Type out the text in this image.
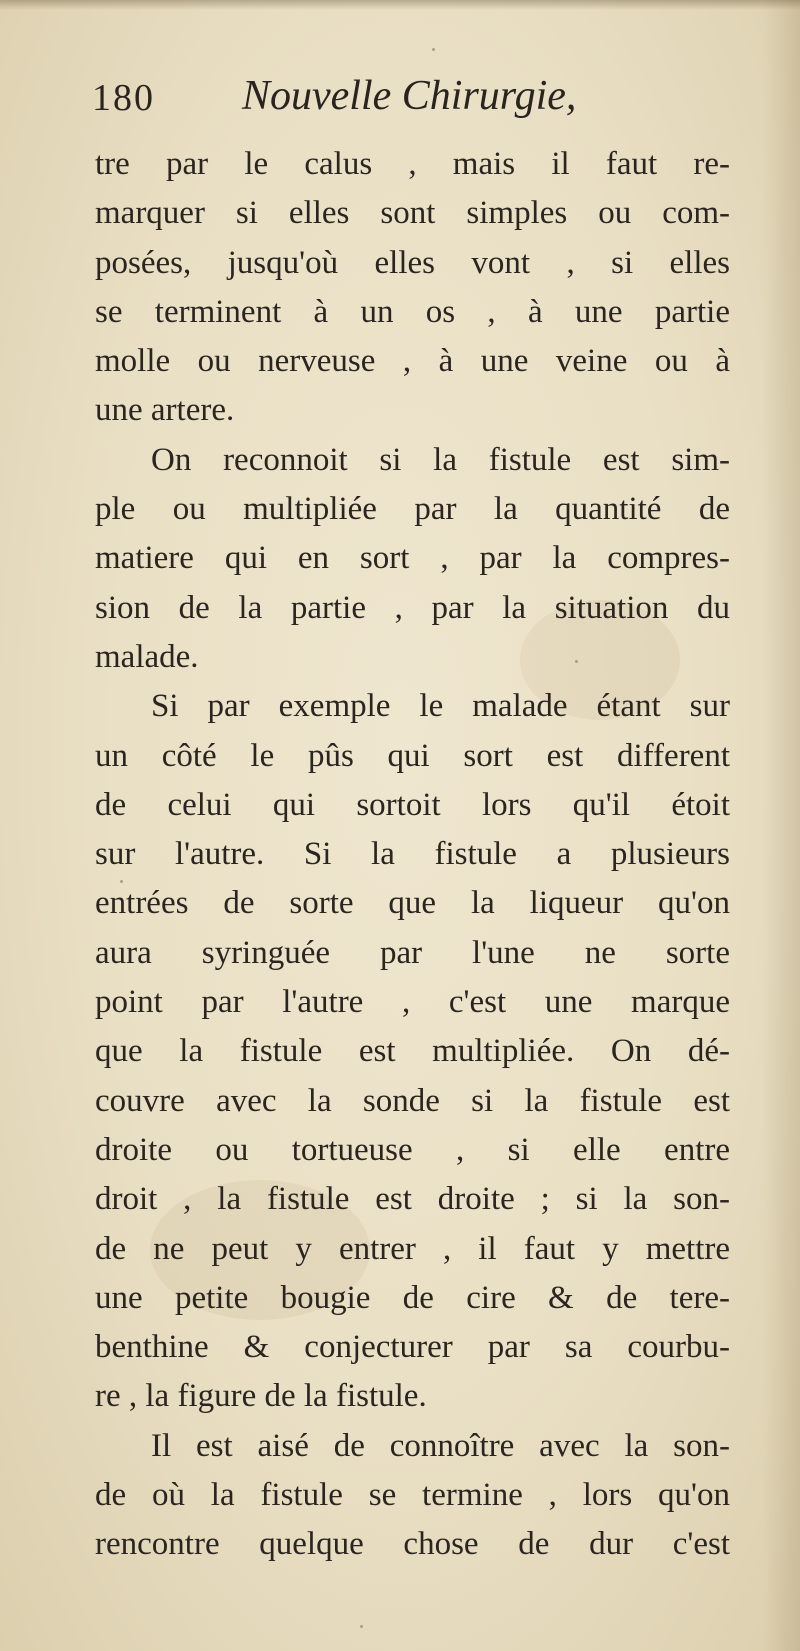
180 Nouvelle Chirurgie,
tre par le calus , mais il faut re-
marquer si elles sont simples ou com-
posées, jusqu'où elles vont , si elles
se terminent à un os , à une partie
molle ou nerveuse , à une veine ou à
une artere.
On reconnoit si la fistule est sim-
ple ou multipliée par la quantité de
matiere qui en sort , par la compres-
sion de la partie , par la situation du
malade.
Si par exemple le malade étant sur
un côté le pûs qui sort est different
de celui qui sortoit lors qu'il étoit
sur l'autre. Si la fistule a plusieurs
entrées de sorte que la liqueur qu'on
aura syringuée par l'une ne sorte
point par l'autre , c'est une marque
que la fistule est multipliée. On dé-
couvre avec la sonde si la fistule est
droite ou tortueuse , si elle entre
droit , la fistule est droite ; si la son-
de ne peut y entrer , il faut y mettre
une petite bougie de cire & de tere-
benthine & conjecturer par sa courbu-
re , la figure de la fistule.
Il est aisé de connoître avec la son-
de où la fistule se termine , lors qu'on
rencontre quelque chose de dur c'est
